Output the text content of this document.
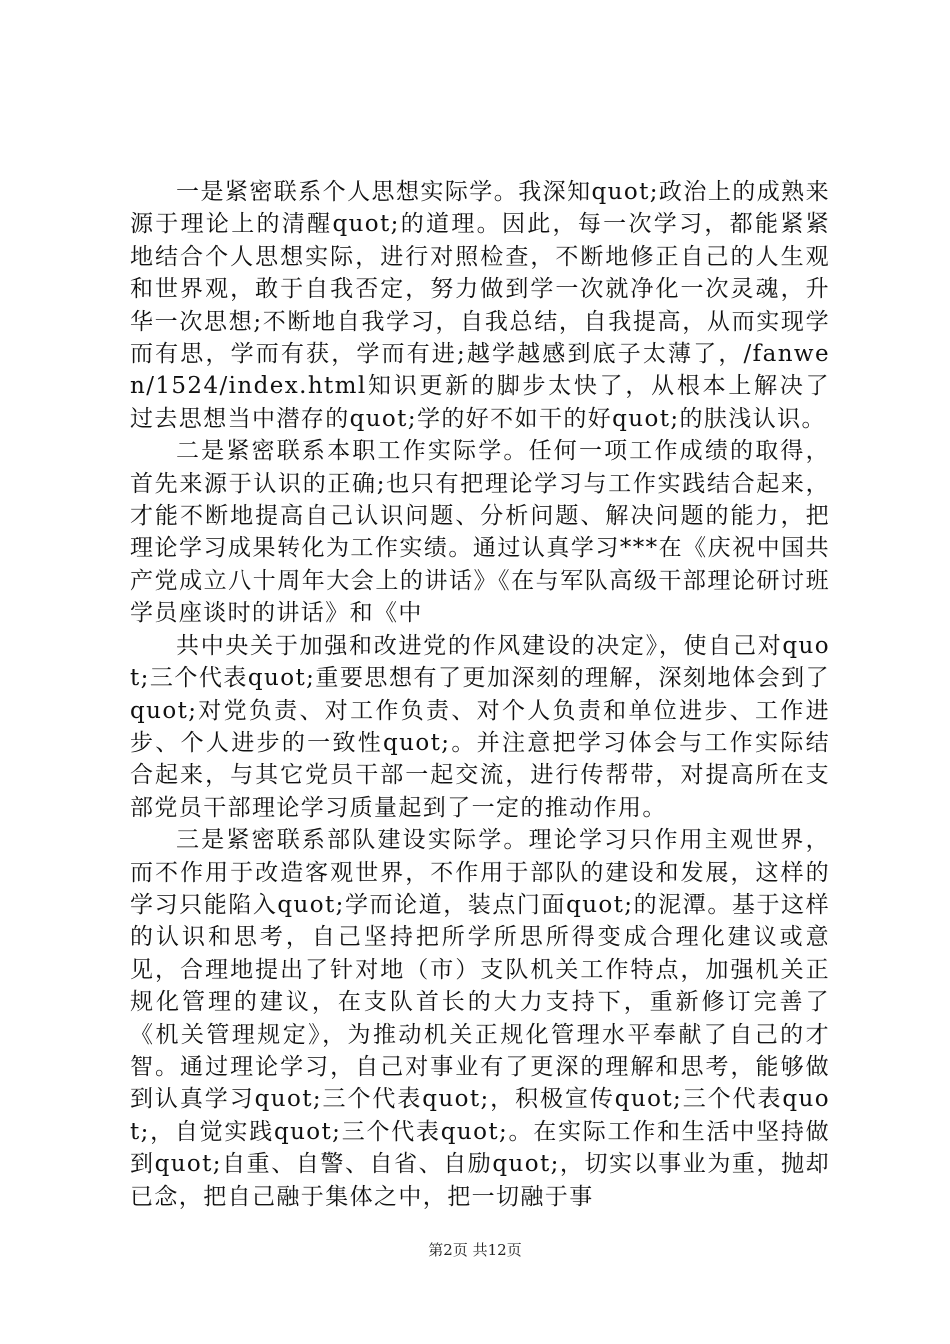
一是紧密联系个人思想实际学。我深知quot;政治上的成熟来源于理论上的清醒quot;的道理。因此，每一次学习，都能紧紧地结合个人思想实际，进行对照检查，不断地修正自己的人生观和世界观，敢于自我否定，努力做到学一次就净化一次灵魂，升华一次思想;不断地自我学习，自我总结，自我提高，从而实现学而有思，学而有获，学而有进;越学越感到底子太薄了，/fanwen/1524/index.html知识更新的脚步太快了，从根本上解决了过去思想当中潜存的quot;学的好不如干的好quot;的肤浅认识。

二是紧密联系本职工作实际学。任何一项工作成绩的取得，首先来源于认识的正确;也只有把理论学习与工作实践结合起来，才能不断地提高自己认识问题、分析问题、解决问题的能力，把理论学习成果转化为工作实绩。通过认真学习***在《庆祝中国共产党成立八十周年大会上的讲话》《在与军队高级干部理论研讨班学员座谈时的讲话》和《中

共中央关于加强和改进党的作风建设的决定》，使自己对quot;三个代表quot;重要思想有了更加深刻的理解，深刻地体会到了quot;对党负责、对工作负责、对个人负责和单位进步、工作进步、个人进步的一致性quot;。并注意把学习体会与工作实际结合起来，与其它党员干部一起交流，进行传帮带，对提高所在支部党员干部理论学习质量起到了一定的推动作用。

三是紧密联系部队建设实际学。理论学习只作用主观世界，而不作用于改造客观世界，不作用于部队的建设和发展，这样的学习只能陷入quot;学而论道，装点门面quot;的泥潭。基于这样的认识和思考，自己坚持把所学所思所得变成合理化建议或意见，合理地提出了针对地（市）支队机关工作特点，加强机关正规化管理的建议，在支队首长的大力支持下，重新修订完善了《机关管理规定》，为推动机关正规化管理水平奉献了自己的才智。通过理论学习，自己对事业有了更深的理解和思考，能够做到认真学习quot;三个代表quot;，积极宣传quot;三个代表quot;，自觉实践quot;三个代表quot;。在实际工作和生活中坚持做到quot;自重、自警、自省、自励quot;，切实以事业为重，抛却已念，把自己融于集体之中，把一切融于事

第2页 共12页
